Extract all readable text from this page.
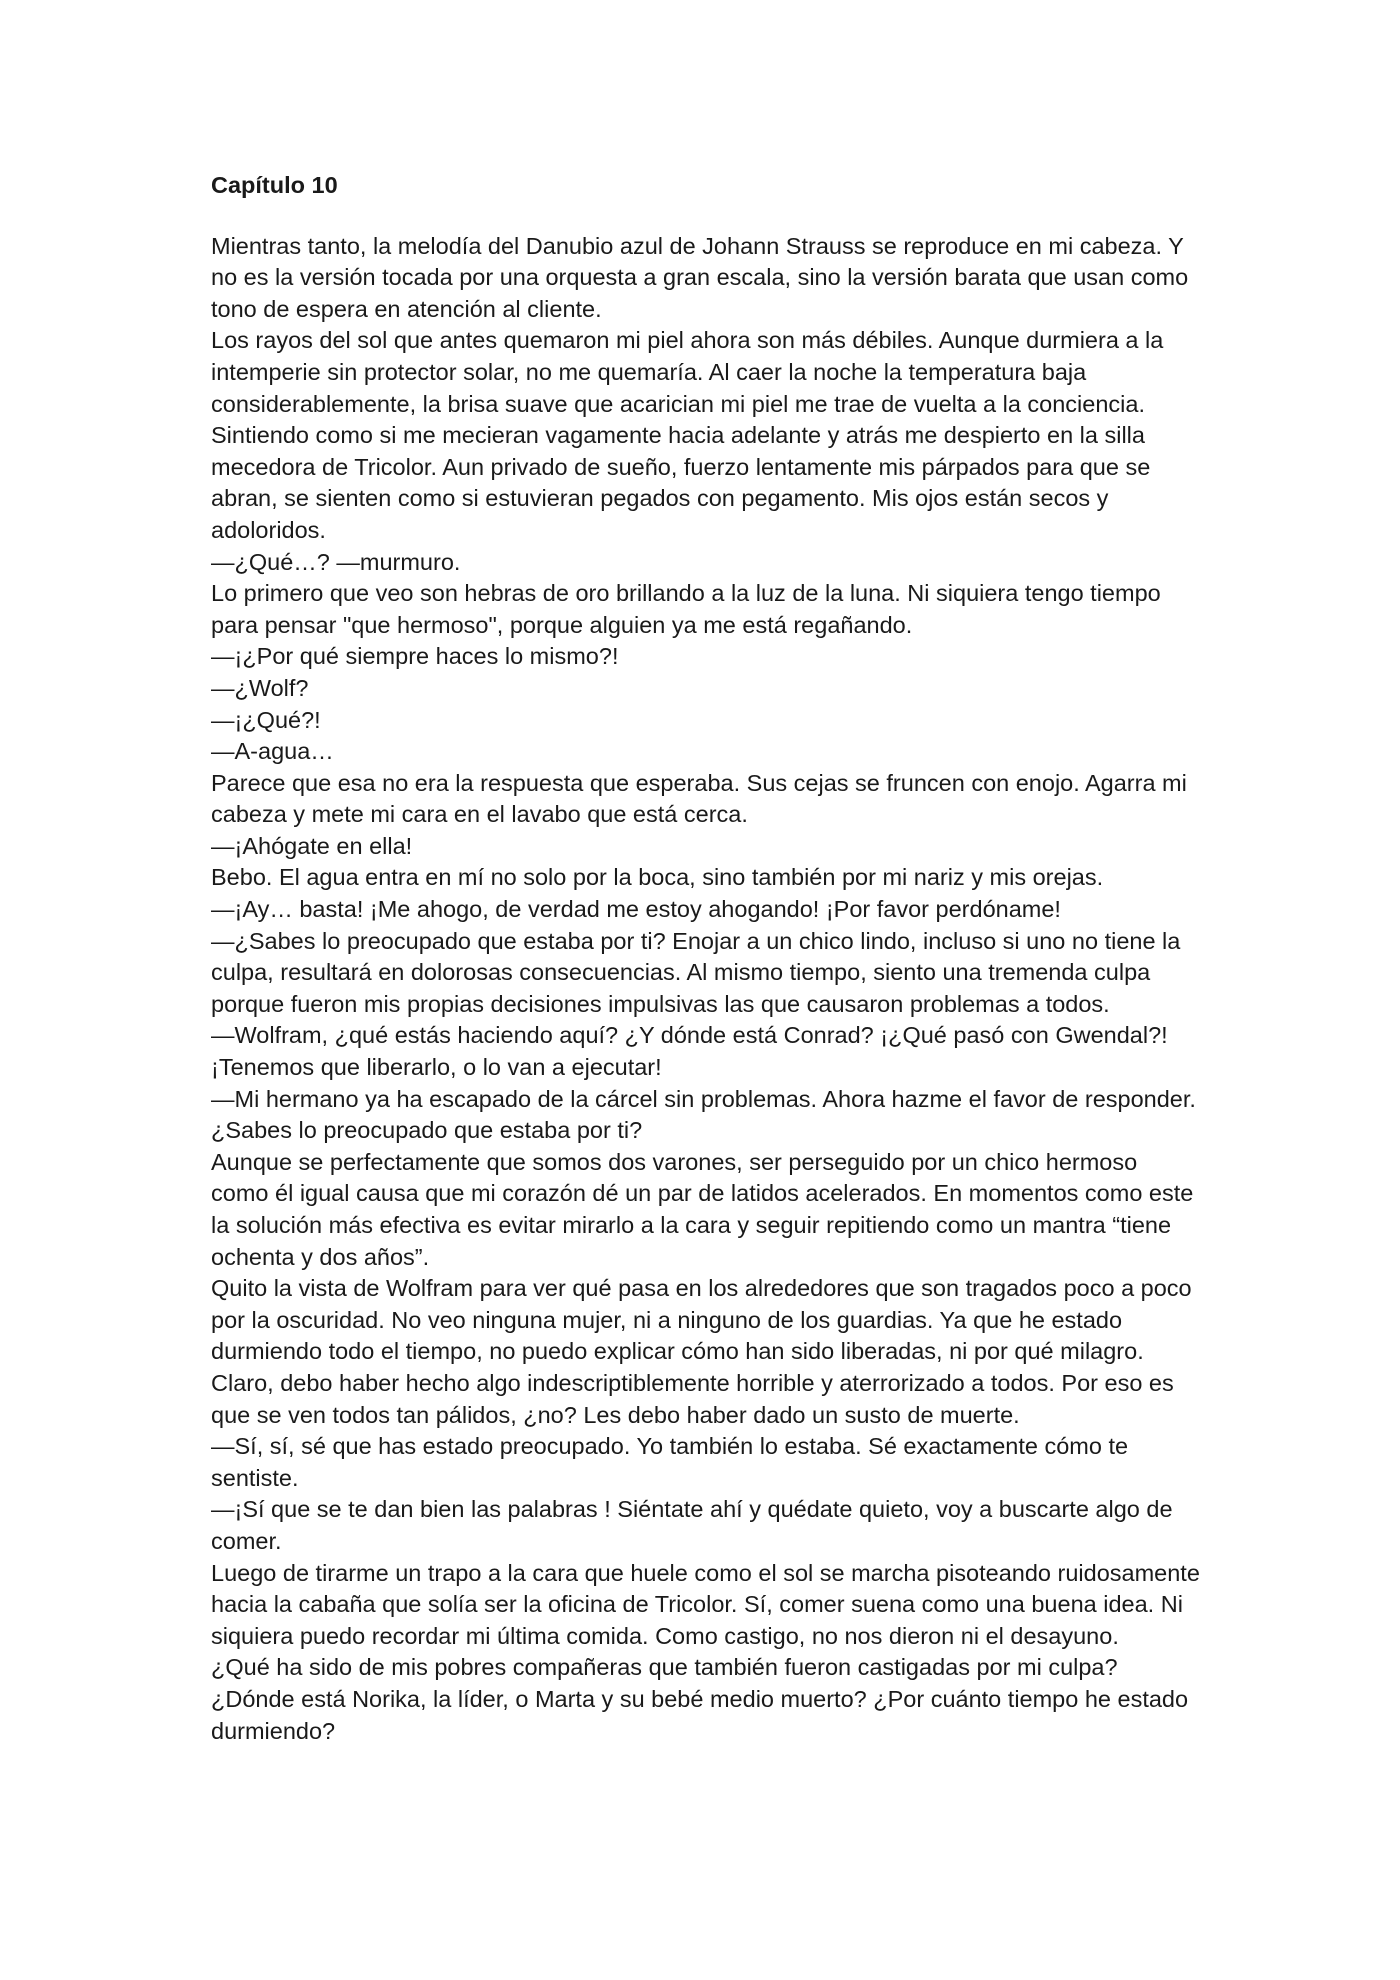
Capítulo 10

Mientras tanto, la melodía del Danubio azul de Johann Strauss se reproduce en mi cabeza. Y no es la versión tocada por una orquesta a gran escala, sino la versión barata que usan como tono de espera en atención al cliente.

Los rayos del sol que antes quemaron mi piel ahora son más débiles. Aunque durmiera a la intemperie sin protector solar, no me quemaría. Al caer la noche la temperatura baja considerablemente, la brisa suave que acarician mi piel me trae de vuelta a la conciencia. Sintiendo como si me mecieran vagamente hacia adelante y atrás me despierto en la silla mecedora de Tricolor. Aun privado de sueño, fuerzo lentamente mis párpados para que se abran, se sienten como si estuvieran pegados con pegamento. Mis ojos están secos y adoloridos.

—¿Qué…? —murmuro.

Lo primero que veo son hebras de oro brillando a la luz de la luna. Ni siquiera tengo tiempo para pensar "que hermoso", porque alguien ya me está regañando.

—¡¿Por qué siempre haces lo mismo?!

—¿Wolf?

—¡¿Qué?!

—A-agua…

Parece que esa no era la respuesta que esperaba. Sus cejas se fruncen con enojo. Agarra mi cabeza y mete mi cara en el lavabo que está cerca.

—¡Ahógate en ella!

Bebo. El agua entra en mí no solo por la boca, sino también por mi nariz y mis orejas.

—¡Ay… basta! ¡Me ahogo, de verdad me estoy ahogando! ¡Por favor perdóname!

—¿Sabes lo preocupado que estaba por ti? Enojar a un chico lindo, incluso si uno no tiene la culpa, resultará en dolorosas consecuencias. Al mismo tiempo, siento una tremenda culpa porque fueron mis propias decisiones impulsivas las que causaron problemas a todos.

—Wolfram, ¿qué estás haciendo aquí? ¿Y dónde está Conrad? ¡¿Qué pasó con Gwendal?! ¡Tenemos que liberarlo, o lo van a ejecutar!

—Mi hermano ya ha escapado de la cárcel sin problemas. Ahora hazme el favor de responder. ¿Sabes lo preocupado que estaba por ti?

Aunque se perfectamente que somos dos varones, ser perseguido por un chico hermoso como él igual causa que mi corazón dé un par de latidos acelerados. En momentos como este la solución más efectiva es evitar mirarlo a la cara y seguir repitiendo como un mantra “tiene ochenta y dos años”.

Quito la vista de Wolfram para ver qué pasa en los alrededores que son tragados poco a poco por la oscuridad. No veo ninguna mujer, ni a ninguno de los guardias. Ya que he estado durmiendo todo el tiempo, no puedo explicar cómo han sido liberadas, ni por qué milagro. Claro, debo haber hecho algo indescriptiblemente horrible y aterrorizado a todos. Por eso es que se ven todos tan pálidos, ¿no? Les debo haber dado un susto de muerte.

—Sí, sí, sé que has estado preocupado. Yo también lo estaba. Sé exactamente cómo te sentiste.

—¡Sí que se te dan bien las palabras ! Siéntate ahí y quédate quieto, voy a buscarte algo de comer.

Luego de tirarme un trapo a la cara que huele como el sol se marcha pisoteando ruidosamente hacia la cabaña que solía ser la oficina de Tricolor. Sí, comer suena como una buena idea. Ni siquiera puedo recordar mi última comida. Como castigo, no nos dieron ni el desayuno.

¿Qué ha sido de mis pobres compañeras que también fueron castigadas por mi culpa? ¿Dónde está Norika, la líder, o Marta y su bebé medio muerto? ¿Por cuánto tiempo he estado durmiendo?
